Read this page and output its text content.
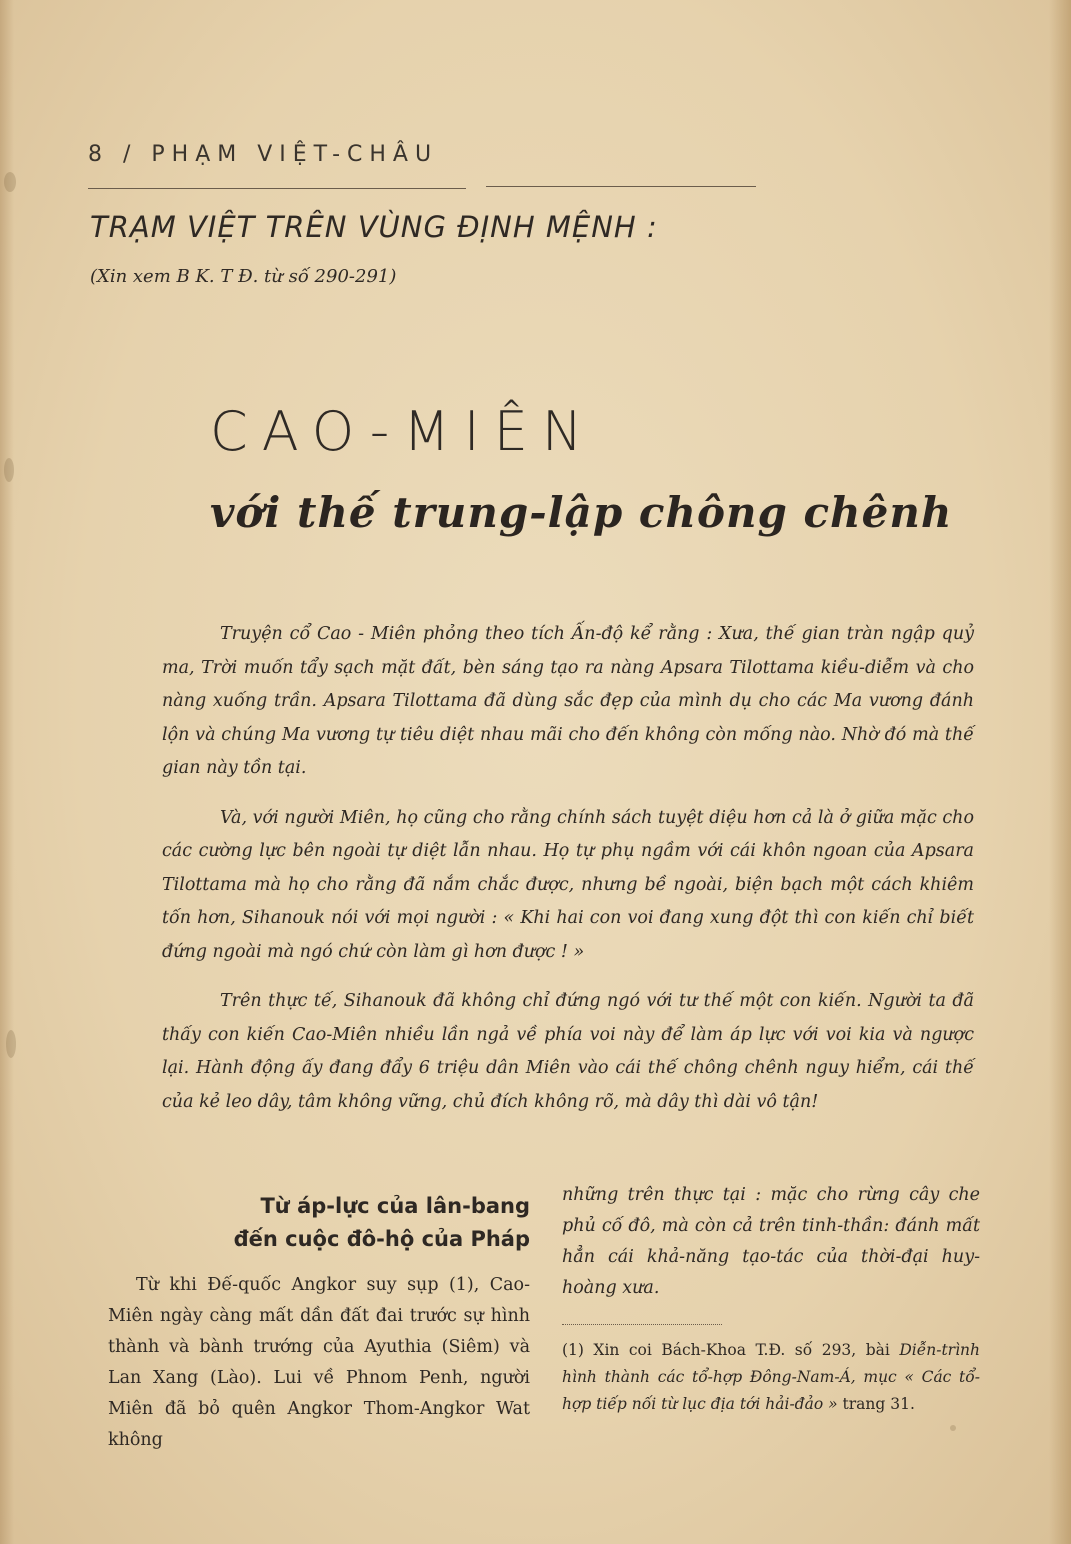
8 / PHẠM VIỆT-CHÂU
TRẠM VIỆT TRÊN VÙNG ĐỊNH MỆNH :
(Xin xem B K. T Đ. từ số 290-291)
CAO-MIÊN
với thế trung-lập chông chênh

Truyện cổ Cao - Miên phỏng theo tích Ấn-độ kể rằng : Xưa, thế gian tràn ngập quỷ ma, Trời muốn tẩy sạch mặt đất, bèn sáng tạo ra nàng Apsara Tilottama kiều-diễm và cho nàng xuống trần. Apsara Tilottama đã dùng sắc đẹp của mình dụ cho các Ma vương đánh lộn và chúng Ma vương tự tiêu diệt nhau mãi cho đến không còn mống nào. Nhờ đó mà thế gian này tồn tại.

Và, với người Miên, họ cũng cho rằng chính sách tuyệt diệu hơn cả là ở giữa mặc cho các cường lực bên ngoài tự diệt lẫn nhau. Họ tự phụ ngầm với cái khôn ngoan của Apsara Tilottama mà họ cho rằng đã nắm chắc được, nhưng bề ngoài, biện bạch một cách khiêm tốn hơn, Sihanouk nói với mọi người : « Khi hai con voi đang xung đột thì con kiến chỉ biết đứng ngoài mà ngó chứ còn làm gì hơn được ! »

Trên thực tế, Sihanouk đã không chỉ đứng ngó với tư thế một con kiến. Người ta đã thấy con kiến Cao-Miên nhiều lần ngả về phía voi này để làm áp lực với voi kia và ngược lại. Hành động ấy đang đẩy 6 triệu dân Miên vào cái thế chông chênh nguy hiểm, cái thế của kẻ leo dây, tâm không vững, chủ đích không rõ, mà dây thì dài vô tận!

Từ áp-lực của lân-bang
đến cuộc đô-hộ của Pháp

Từ khi Đế-quốc Angkor suy sụp (1), Cao-Miên ngày càng mất dần đất đai trước sự hình thành và bành trướng của Ayuthia (Siêm) và Lan Xang (Lào). Lui về Phnom Penh, người Miên đã bỏ quên Angkor Thom-Angkor Wat không

những trên thực tại : mặc cho rừng cây che phủ cố đô, mà còn cả trên tinh-thần: đánh mất hẳn cái khả-năng tạo-tác của thời-đại huy-hoàng xưa.

(1) Xin coi Bách-Khoa T.Đ. số 293, bài Diễn-trình hình thành các tổ-hợp Đông-Nam-Á, mục « Các tổ-hợp tiếp nối từ lục địa tới hải-đảo » trang 31.
